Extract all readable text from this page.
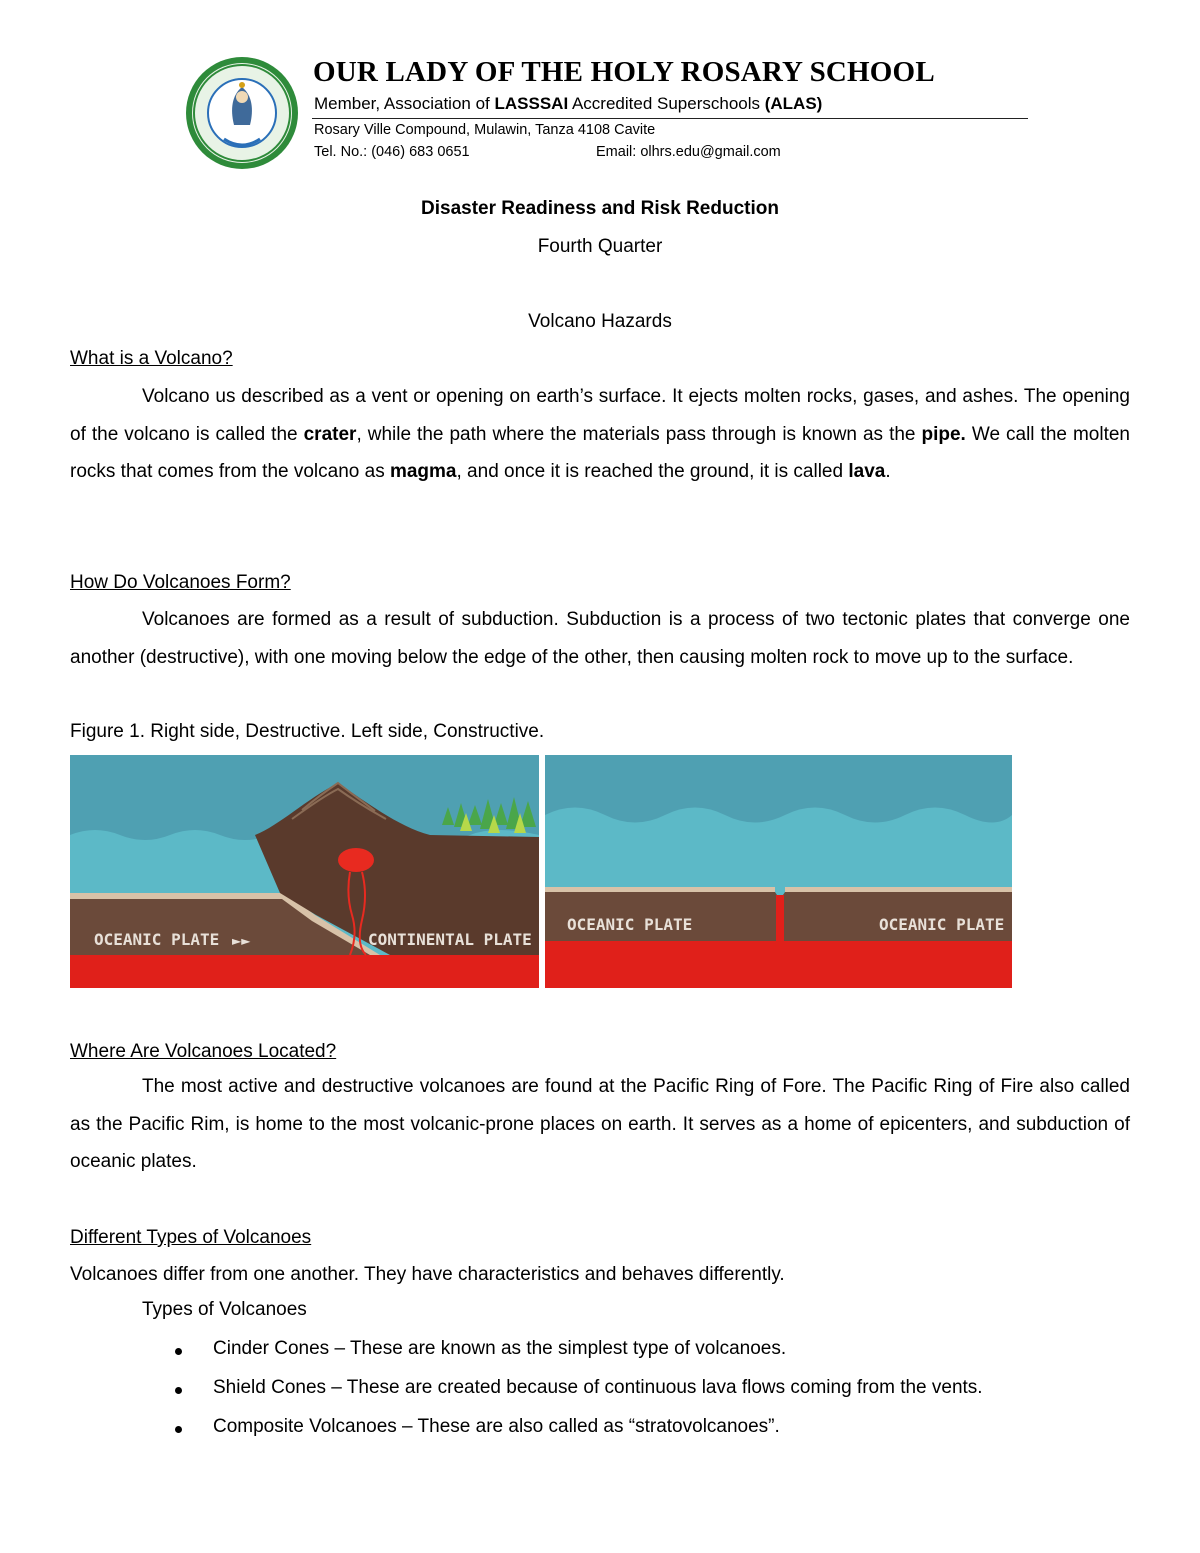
OUR LADY OF THE HOLY ROSARY SCHOOL
Member, Association of LASSSAI Accredited Superschools (ALAS)
Rosary Ville Compound, Mulawin, Tanza 4108 Cavite
Tel. No.: (046) 683 0651	Email: olhrs.edu@gmail.com
Disaster Readiness and Risk Reduction
Fourth Quarter
Volcano Hazards
What is a Volcano?

Volcano us described as a vent or opening on earth’s surface. It ejects molten rocks, gases, and ashes. The opening of the volcano is called the crater, while the path where the materials pass through is known as the pipe. We call the molten rocks that comes from the volcano as magma, and once it is reached the ground, it is called lava.

How Do Volcanoes Form?

Volcanoes are formed as a result of subduction. Subduction is a process of two tectonic plates that converge one another (destructive), with one moving below the edge of the other, then causing molten rock to move up to the surface.

Figure 1. Right side, Destructive. Left side, Constructive.
OCEANIC PLATE ►►	CONTINENTAL PLATE
OCEANIC PLATE	OCEANIC PLATE
Where Are Volcanoes Located?

The most active and destructive volcanoes are found at the Pacific Ring of Fore. The Pacific Ring of Fire also called as the Pacific Rim, is home to the most volcanic-prone places on earth. It serves as a home of epicenters, and subduction of oceanic plates.

Different Types of Volcanoes
Volcanoes differ from one another. They have characteristics and behaves differently.
Types of Volcanoes
Cinder Cones – These are known as the simplest type of volcanoes.
Shield Cones – These are created because of continuous lava flows coming from the vents.
Composite Volcanoes – These are also called as “stratovolcanoes”.
